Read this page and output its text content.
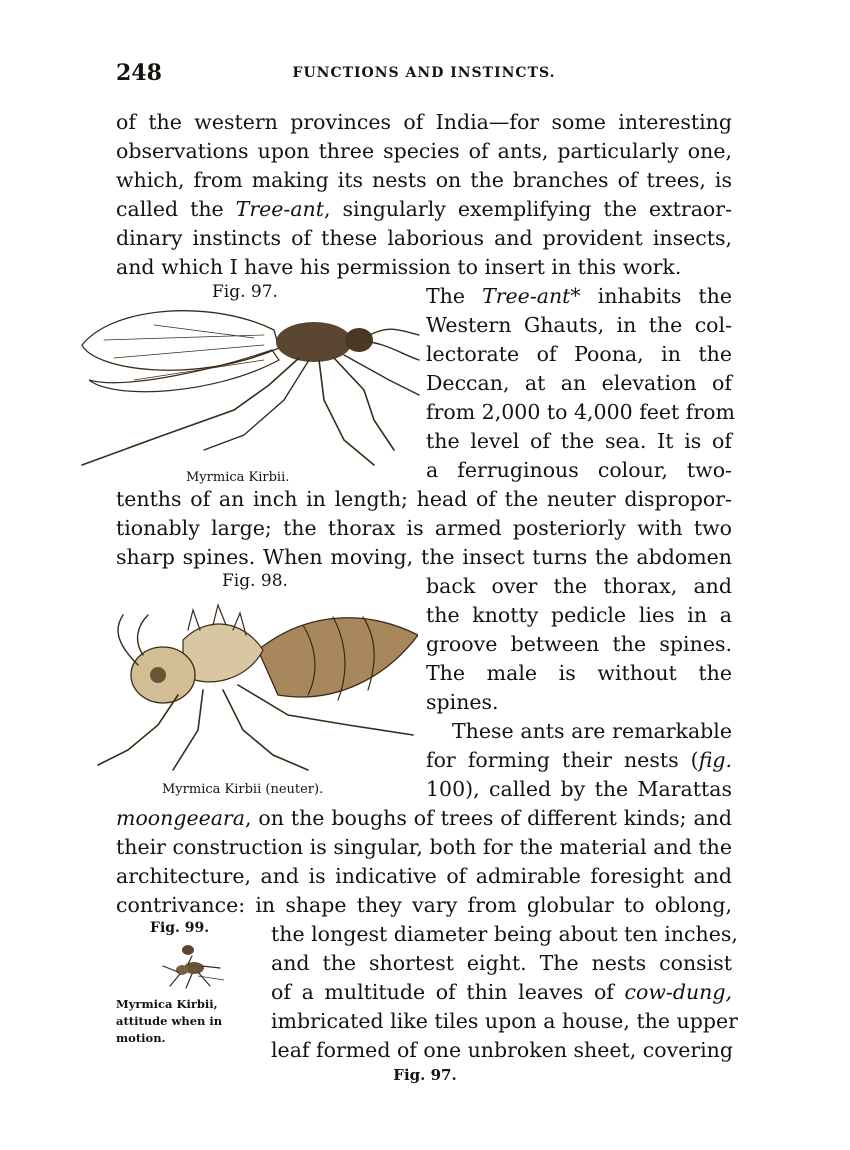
248	FUNCTIONS AND INSTINCTS.
of the western provinces of India—for some interesting
observations upon three species of ants, particularly one,
which, from making its nests on the branches of trees, is
called the Tree-ant, singularly exemplifying the extraor-
dinary instincts of these laborious and provident insects,
and which I have his permission to insert in this work.
Fig. 97.
Myrmica Kirbii.
The Tree-ant* inhabits the
Western Ghauts, in the col-
lectorate of Poona, in the
Deccan, at an elevation of
from 2,000 to 4,000 feet from
the level of the sea. It is of
a ferruginous colour, two-
tenths of an inch in length; head of the neuter dispropor-
tionably large; the thorax is armed posteriorly with two
sharp spines. When moving, the insect turns the abdomen
Fig. 98.
Myrmica Kirbii (neuter).
back over the thorax, and
the knotty pedicle lies in a
groove between the spines.
The male is without the
spines.
These ants are remarkable
for forming their nests (fig.
100), called by the Marattas
moongeeara, on the boughs of trees of different kinds; and
their construction is singular, both for the material and the
architecture, and is indicative of admirable foresight and
contrivance: in shape they vary from globular to oblong,
Fig. 99.
Myrmica Kirbii,
attitude when in
motion.
the longest diameter being about ten inches,
and the shortest eight. The nests consist
of a multitude of thin leaves of cow-dung,
imbricated like tiles upon a house, the upper
leaf formed of one unbroken sheet, covering
Fig. 97.
